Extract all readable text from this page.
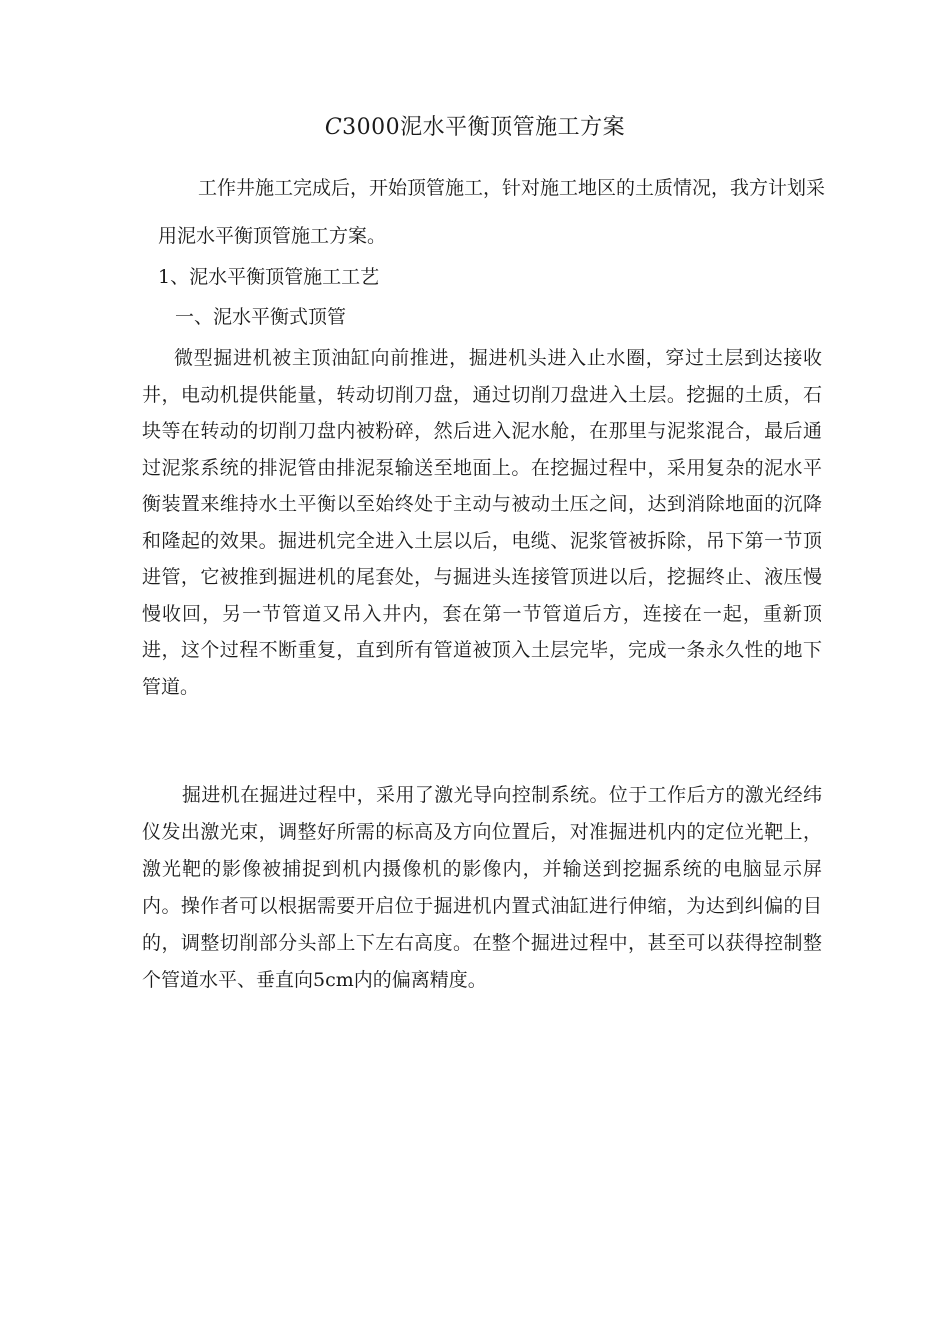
C3000泥水平衡顶管施工方案

工作井施工完成后，开始顶管施工，针对施工地区的土质情况，我方计划采用泥水平衡顶管施工方案。

1、泥水平衡顶管施工工艺

一、泥水平衡式顶管

微型掘进机被主顶油缸向前推进，掘进机头进入止水圈，穿过土层到达接收井，电动机提供能量，转动切削刀盘，通过切削刀盘进入土层。挖掘的土质，石块等在转动的切削刀盘内被粉碎，然后进入泥水舱，在那里与泥浆混合，最后通过泥浆系统的排泥管由排泥泵输送至地面上。在挖掘过程中，采用复杂的泥水平衡装置来维持水土平衡以至始终处于主动与被动土压之间，达到消除地面的沉降和隆起的效果。掘进机完全进入土层以后，电缆、泥浆管被拆除，吊下第一节顶进管，它被推到掘进机的尾套处，与掘进头连接管顶进以后，挖掘终止、液压慢慢收回，另一节管道又吊入井内，套在第一节管道后方，连接在一起，重新顶进，这个过程不断重复，直到所有管道被顶入土层完毕，完成一条永久性的地下管道。

掘进机在掘进过程中，采用了激光导向控制系统。位于工作后方的激光经纬仪发出激光束，调整好所需的标高及方向位置后，对准掘进机内的定位光靶上，激光靶的影像被捕捉到机内摄像机的影像内，并输送到挖掘系统的电脑显示屏内。操作者可以根据需要开启位于掘进机内置式油缸进行伸缩，为达到纠偏的目的，调整切削部分头部上下左右高度。在整个掘进过程中，甚至可以获得控制整个管道水平、垂直向5cm内的偏离精度。
